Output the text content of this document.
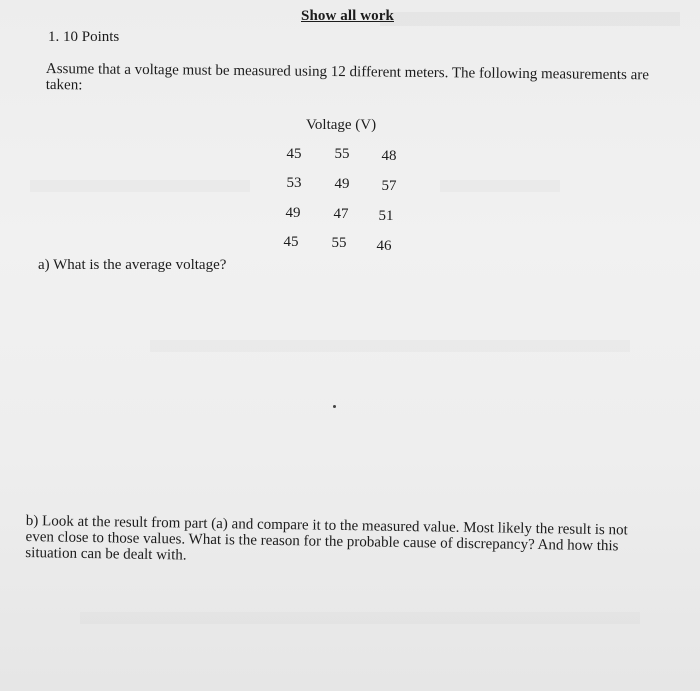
Show all work
1. 10 Points
Assume that a voltage must be measured using 12 different meters. The following measurements are taken:
Voltage (V)
45	55	48
53	49	57
49	47	51
45	55	46
a) What is the average voltage?
b) Look at the result from part (a) and compare it to the measured value. Most likely the result is not even close to those values. What is the reason for the probable cause of discrepancy? And how this situation can be dealt with.
